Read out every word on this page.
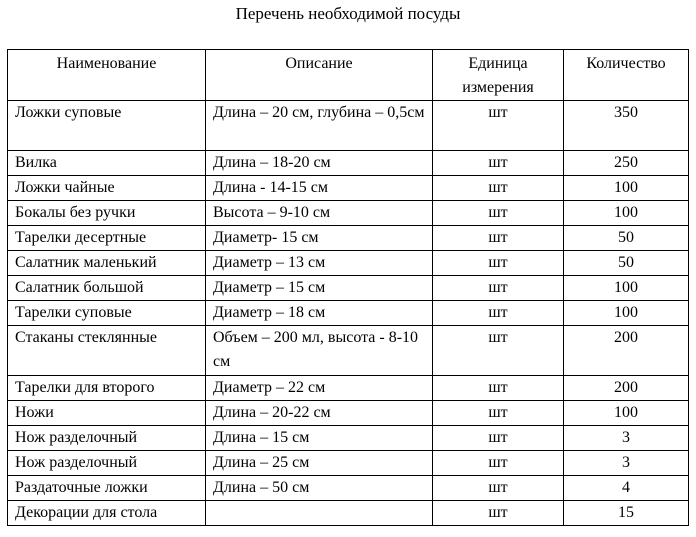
Перечень необходимой посуды
Наименование	Описание	Единица измерения	Количество
Ложки суповые	Длина – 20 см, глубина – 0,5см	шт	350
Вилка	Длина – 18-20 см	шт	250
Ложки чайные	Длина - 14-15 см	шт	100
Бокалы без ручки	Высота – 9-10 см	шт	100
Тарелки десертные	Диаметр- 15 см	шт	50
Салатник маленький	Диаметр – 13 см	шт	50
Салатник большой	Диаметр – 15 см	шт	100
Тарелки суповые	Диаметр – 18 см	шт	100
Стаканы стеклянные	Объем – 200 мл, высота - 8-10 см	шт	200
Тарелки для второго	Диаметр – 22 см	шт	200
Ножи	Длина – 20-22 см	шт	100
Нож разделочный	Длина – 15 см	шт	3
Нож разделочный	Длина – 25 см	шт	3
Раздаточные ложки	Длина – 50 см	шт	4
Декорации для стола		шт	15
